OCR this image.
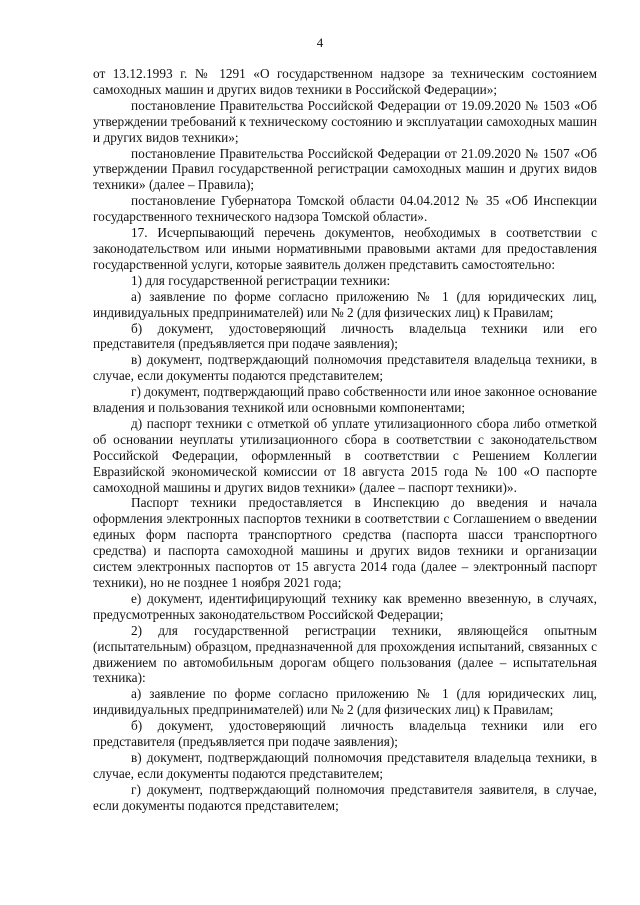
4

от 13.12.1993 г. № 1291 «О государственном надзоре за техническим состоянием самоходных машин и других видов техники в Российской Федерации»;

постановление Правительства Российской Федерации от 19.09.2020 № 1503 «Об утверждении требований к техническому состоянию и эксплуатации самоходных машин и других видов техники»;

постановление Правительства Российской Федерации от 21.09.2020 № 1507 «Об утверждении Правил государственной регистрации самоходных машин и других видов техники» (далее – Правила);

постановление Губернатора Томской области 04.04.2012 № 35 «Об Инспекции государственного технического надзора Томской области».

17. Исчерпывающий перечень документов, необходимых в соответствии с законодательством или иными нормативными правовыми актами для предоставления государственной услуги, которые заявитель должен представить самостоятельно:

1) для государственной регистрации техники:

а) заявление по форме согласно приложению № 1 (для юридических лиц, индивидуальных предпринимателей) или № 2 (для физических лиц) к Правилам;

б) документ, удостоверяющий личность владельца техники или его представителя (предъявляется при подаче заявления);

в) документ, подтверждающий полномочия представителя владельца техники, в случае, если документы подаются представителем;

г) документ, подтверждающий право собственности или иное законное основание владения и пользования техникой или основными компонентами;

д) паспорт техники с отметкой об уплате утилизационного сбора либо отметкой об основании неуплаты утилизационного сбора в соответствии с законодательством Российской Федерации, оформленный в соответствии с Решением Коллегии Евразийской экономической комиссии от 18 августа 2015 года № 100 «О паспорте самоходной машины и других видов техники» (далее – паспорт техники)».

Паспорт техники предоставляется в Инспекцию до введения и начала оформления электронных паспортов техники в соответствии с Соглашением о введении единых форм паспорта транспортного средства (паспорта шасси транспортного средства) и паспорта самоходной машины и других видов техники и организации систем электронных паспортов от 15 августа 2014 года (далее – электронный паспорт техники), но не позднее 1 ноября 2021 года;

е) документ, идентифицирующий технику как временно ввезенную, в случаях, предусмотренных законодательством Российской Федерации;

2) для государственной регистрации техники, являющейся опытным (испытательным) образцом, предназначенной для прохождения испытаний, связанных с движением по автомобильным дорогам общего пользования (далее – испытательная техника):

а) заявление по форме согласно приложению № 1 (для юридических лиц, индивидуальных предпринимателей) или № 2 (для физических лиц) к Правилам;

б) документ, удостоверяющий личность владельца техники или его представителя (предъявляется при подаче заявления);

в) документ, подтверждающий полномочия представителя владельца техники, в случае, если документы подаются представителем;

г) документ, подтверждающий полномочия представителя заявителя, в случае, если документы подаются представителем;
